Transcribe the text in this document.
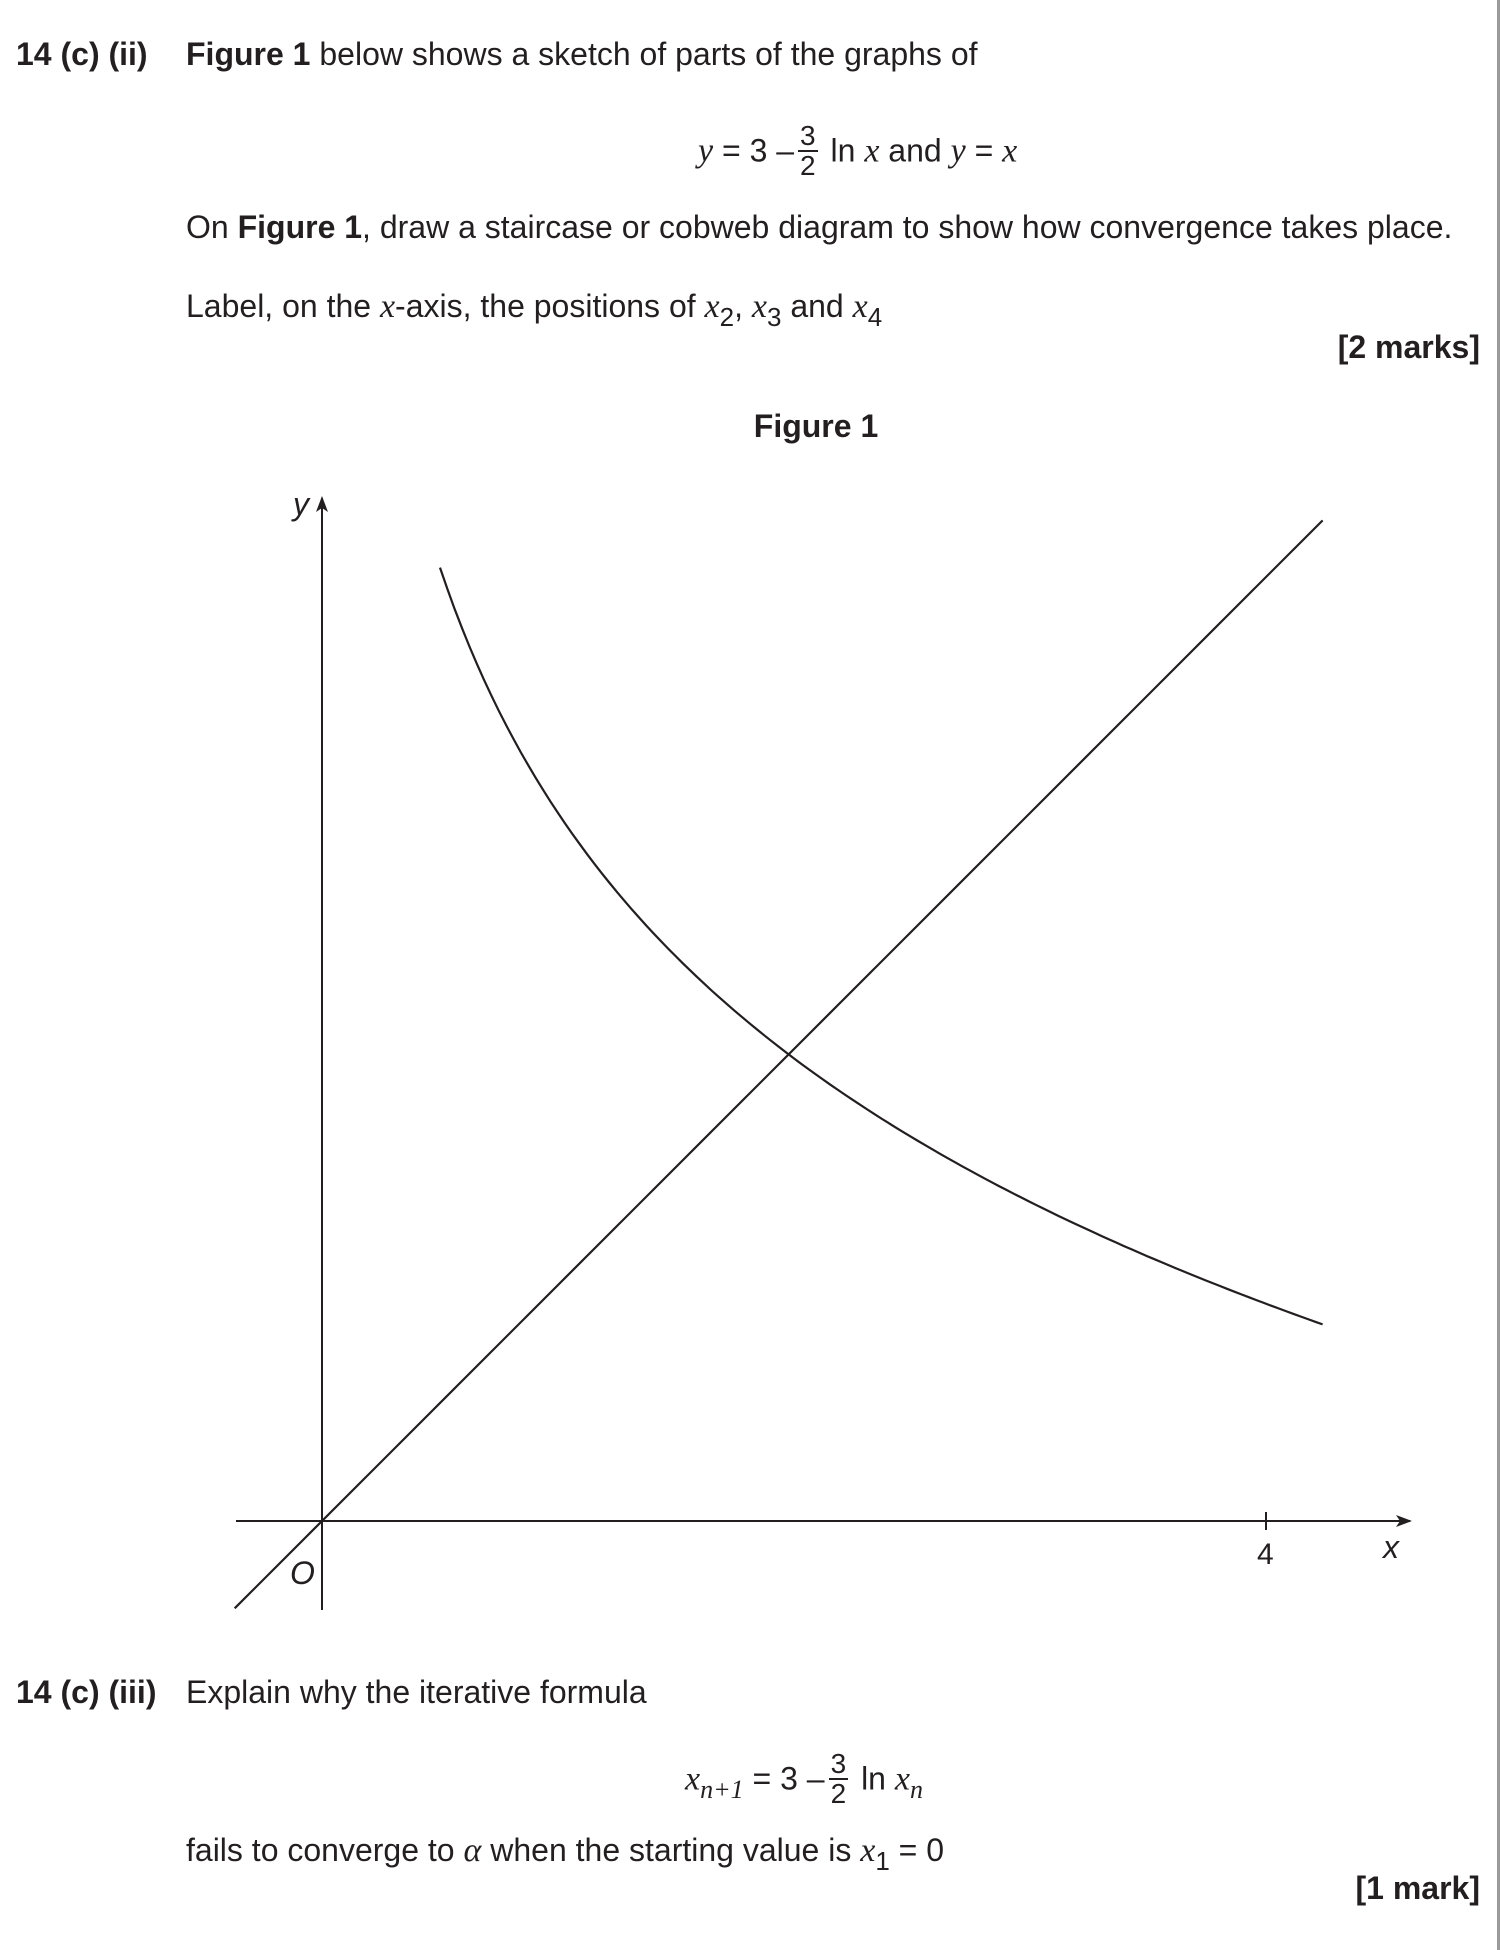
14 (c) (ii) Figure 1 below shows a sketch of parts of the graphs of
$y = 3 - \frac{3}{2}$ ln x and y = x
On Figure 1, draw a staircase or cobweb diagram to show how convergence takes place.
Label, on the x-axis, the positions of $x_2$, $x_3$ and $x_4$
[2 marks]
Figure 1
y
x
O
4
14 (c) (iii) Explain why the iterative formula
$x_{n+1} = 3 - \frac{3}{2}$ $\ln x_n$
fails to converge to α when the starting value is $x_1 = 0$
[1 mark]
